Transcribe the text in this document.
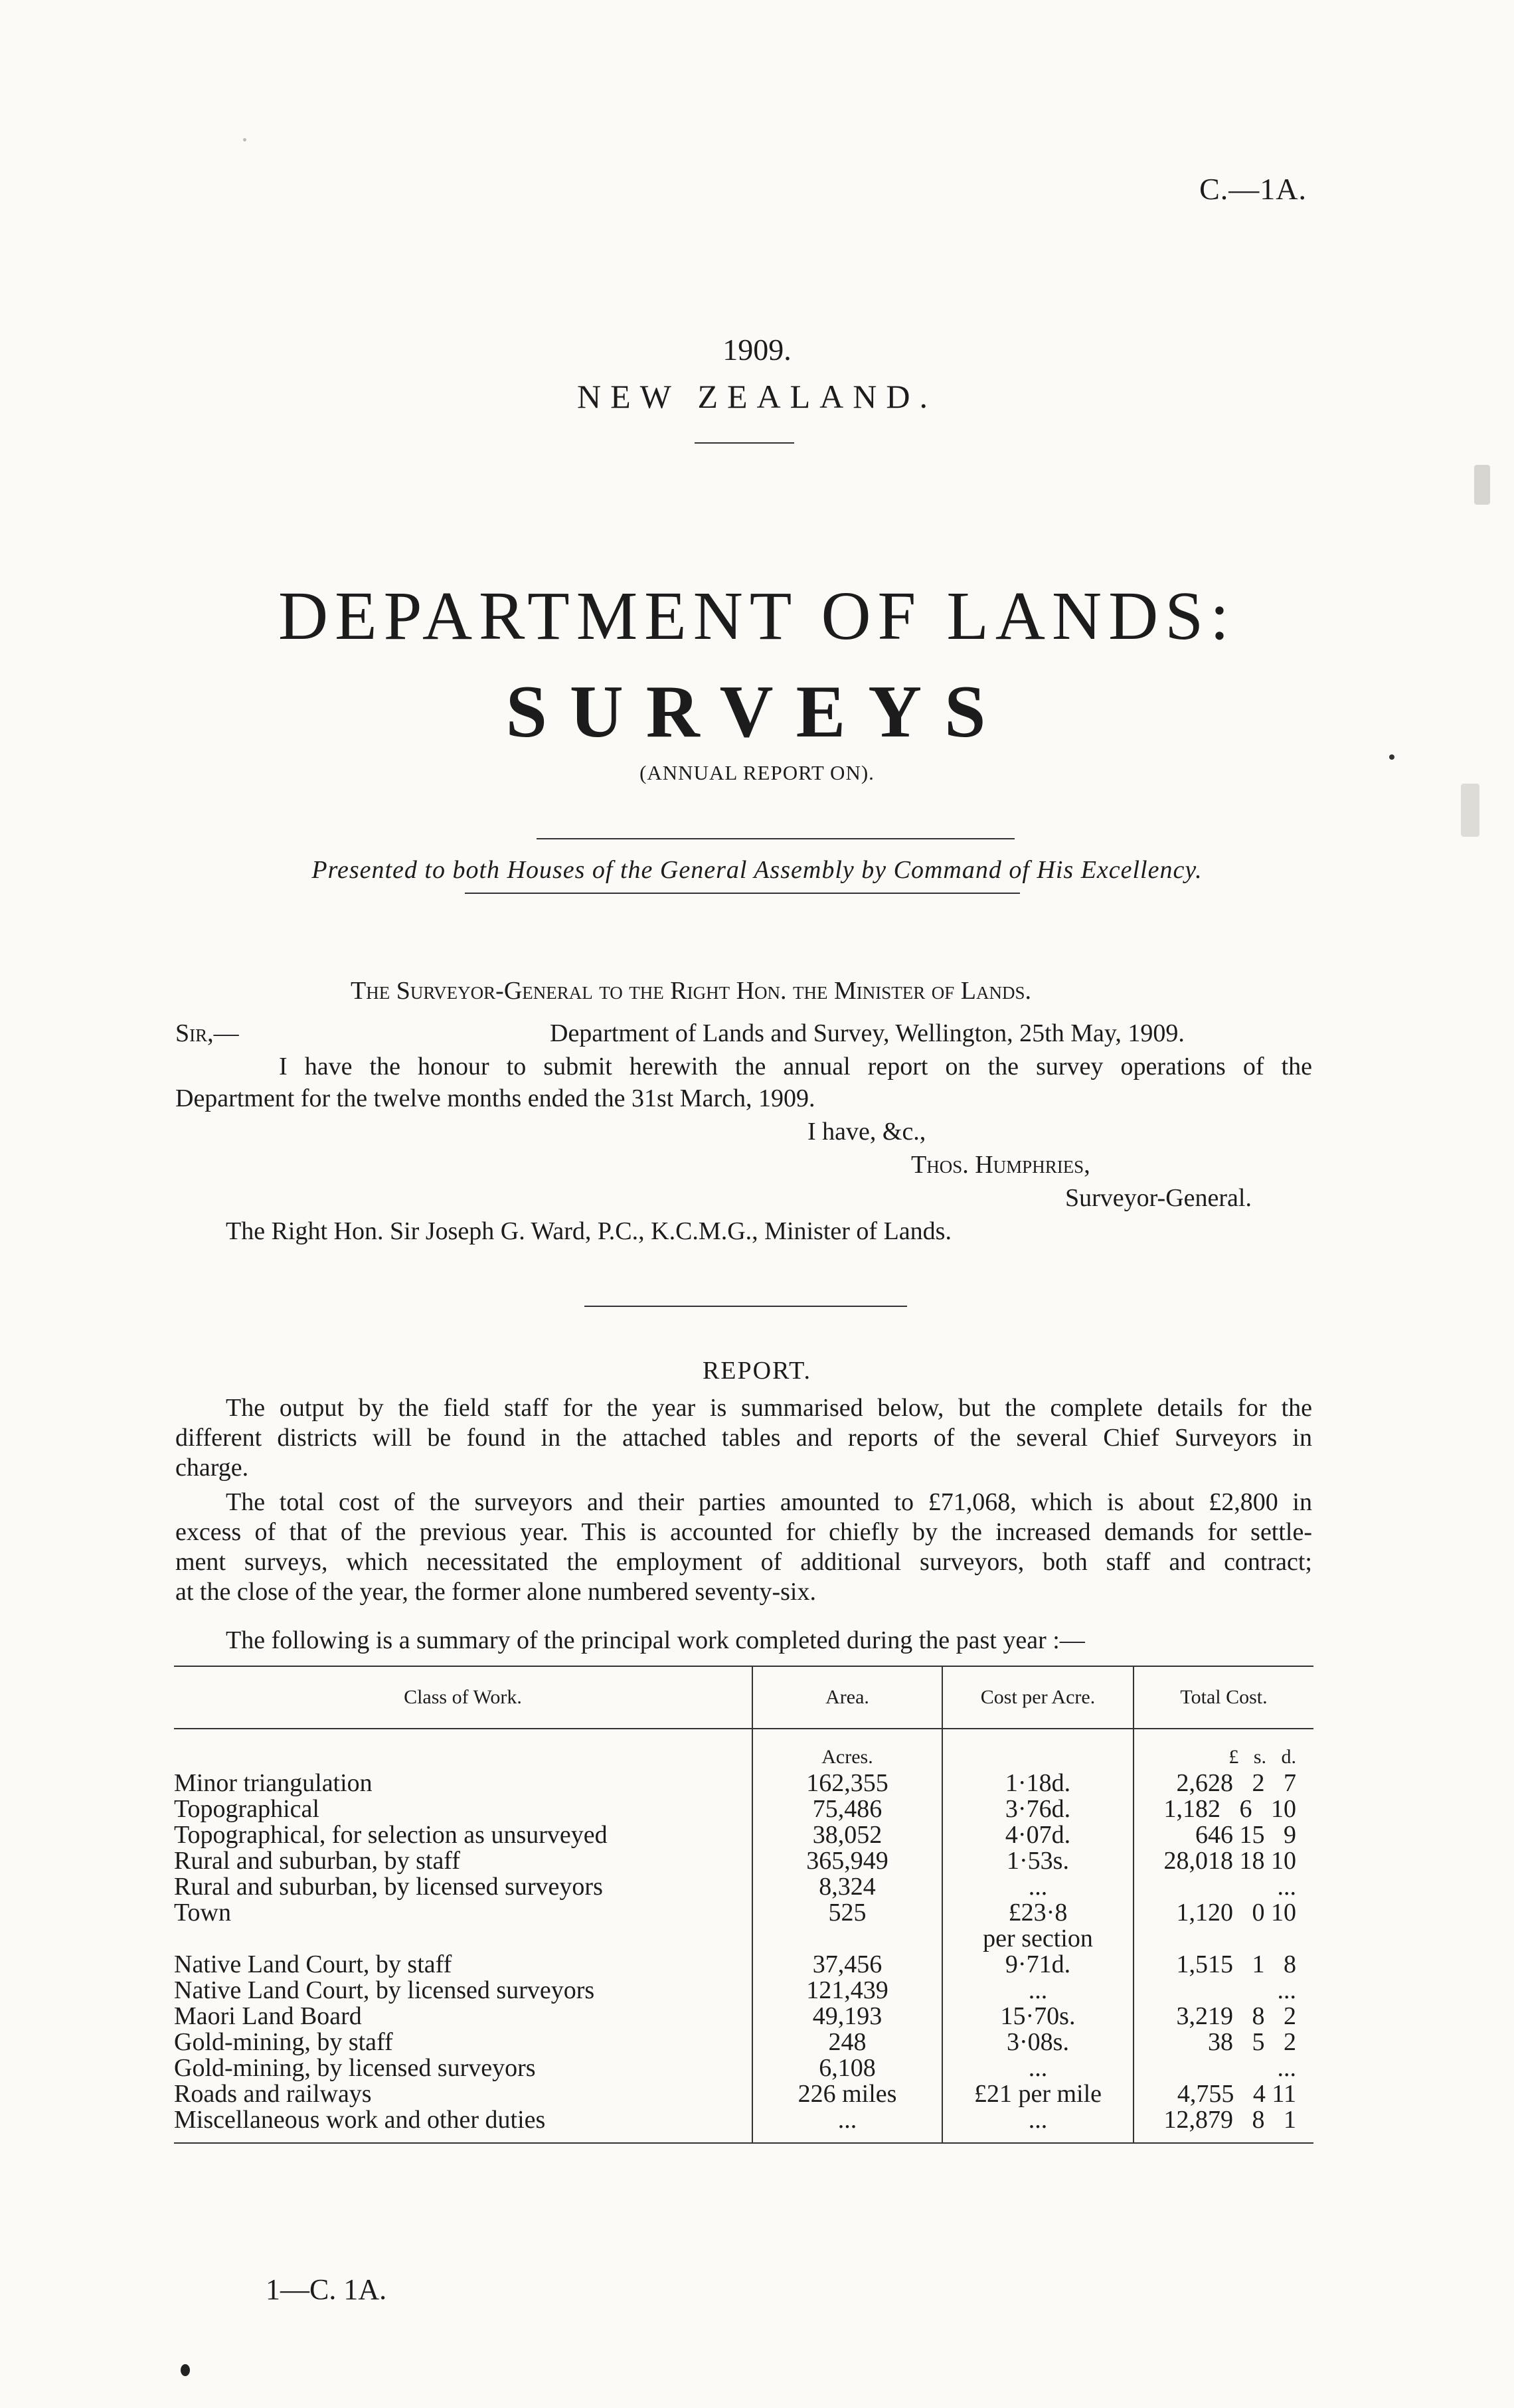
C.—1A.
1909.
NEW ZEALAND.
DEPARTMENT OF LANDS:
SURVEYS
(ANNUAL REPORT ON).
Presented to both Houses of the General Assembly by Command of His Excellency.
The Surveyor-General to the Right Hon. the Minister of Lands.
Sir,—	Department of Lands and Survey, Wellington, 25th May, 1909.
I have the honour to submit herewith the annual report on the survey operations of the
Department for the twelve months ended the 31st March, 1909.
I have, &c.,
Thos. Humphries,
Surveyor-General.
The Right Hon. Sir Joseph G. Ward, P.C., K.C.M.G., Minister of Lands.
REPORT.
The output by the field staff for the year is summarised below, but the complete details for the
different districts will be found in the attached tables and reports of the several Chief Surveyors in
charge.
The total cost of the surveyors and their parties amounted to £71,068, which is about £2,800 in
excess of that of the previous year. This is accounted for chiefly by the increased demands for settle-
ment surveys, which necessitated the employment of additional surveyors, both staff and contract;
at the close of the year, the former alone numbered seventy-six.
The following is a summary of the principal work completed during the past year :—
Class of Work.	Area.	Cost per Acre.	Total Cost.
	Acres.		£   s.   d.
Minor triangulation	162,355	1·18d.	2,628   2   7
Topographical	75,486	3·76d.	1,182   6   10
Topographical, for selection as unsurveyed	38,052	4·07d.	646 15   9
Rural and suburban, by staff	365,949	1·53s.	28,018 18 10
Rural and suburban, by licensed surveyors	8,324	...	...
Town	525	£23·8	1,120   0 10
		per section	
Native Land Court, by staff	37,456	9·71d.	1,515   1   8
Native Land Court, by licensed surveyors	121,439	...	...
Maori Land Board	49,193	15·70s.	3,219   8   2
Gold-mining, by staff	248	3·08s.	38   5   2
Gold-mining, by licensed surveyors	6,108	...	...
Roads and railways	226 miles	£21 per mile	4,755   4 11
Miscellaneous work and other duties	...	...	12,879   8   1
1—C. 1A.
